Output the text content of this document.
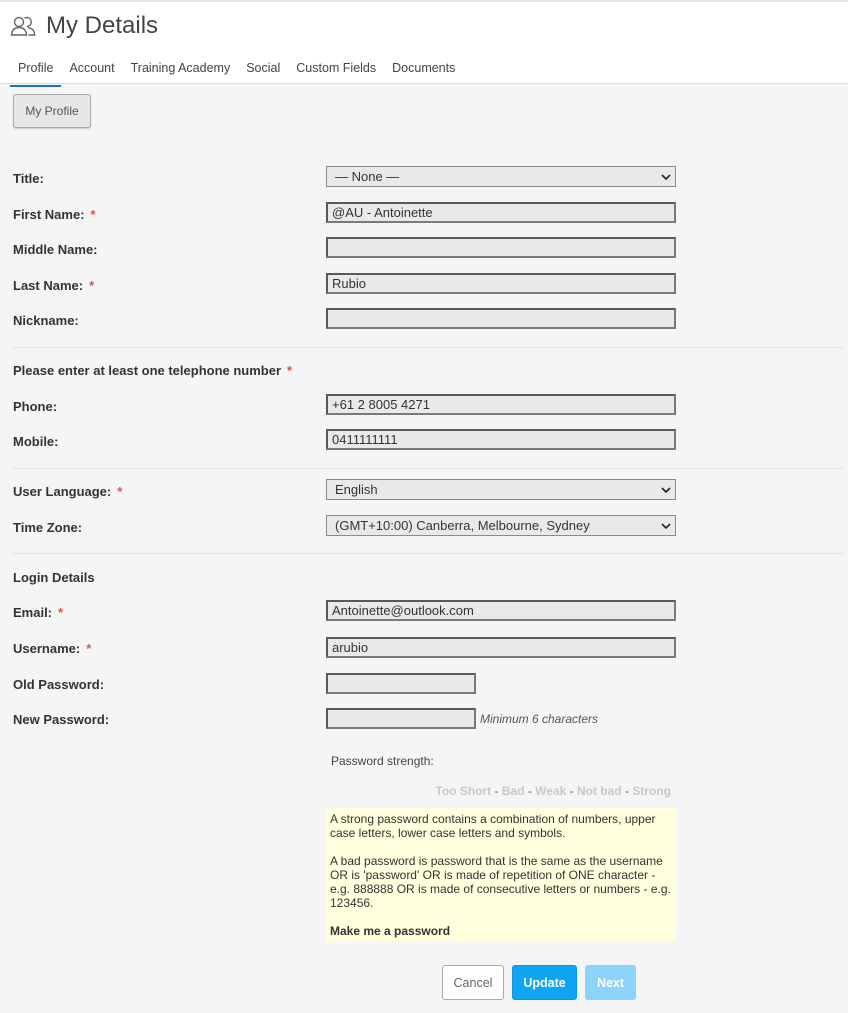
My Details
Profile	Account	Training Academy	Social	Custom Fields	Documents
My Profile
Title:	— None —
First Name: *	@AU - Antoinette
Middle Name:
Last Name: *	Rubio
Nickname:
Please enter at least one telephone number *
Phone:	+61 2 8005 4271
Mobile:	0411111111
User Language: *	English
Time Zone:	(GMT+10:00) Canberra, Melbourne, Sydney
Login Details
Email: *	Antoinette@outlook.com
Username: *	arubio
Old Password:
New Password:	Minimum 6 characters
Password strength:
Too Short - Bad - Weak - Not bad - Strong

A strong password contains a combination of numbers, upper case letters, lower case letters and symbols.

A bad password is password that is the same as the username OR is 'password' OR is made of repetition of ONE character - e.g. 888888 OR is made of consecutive letters or numbers - e.g. 123456.

Make me a password

Cancel	Update	Next
